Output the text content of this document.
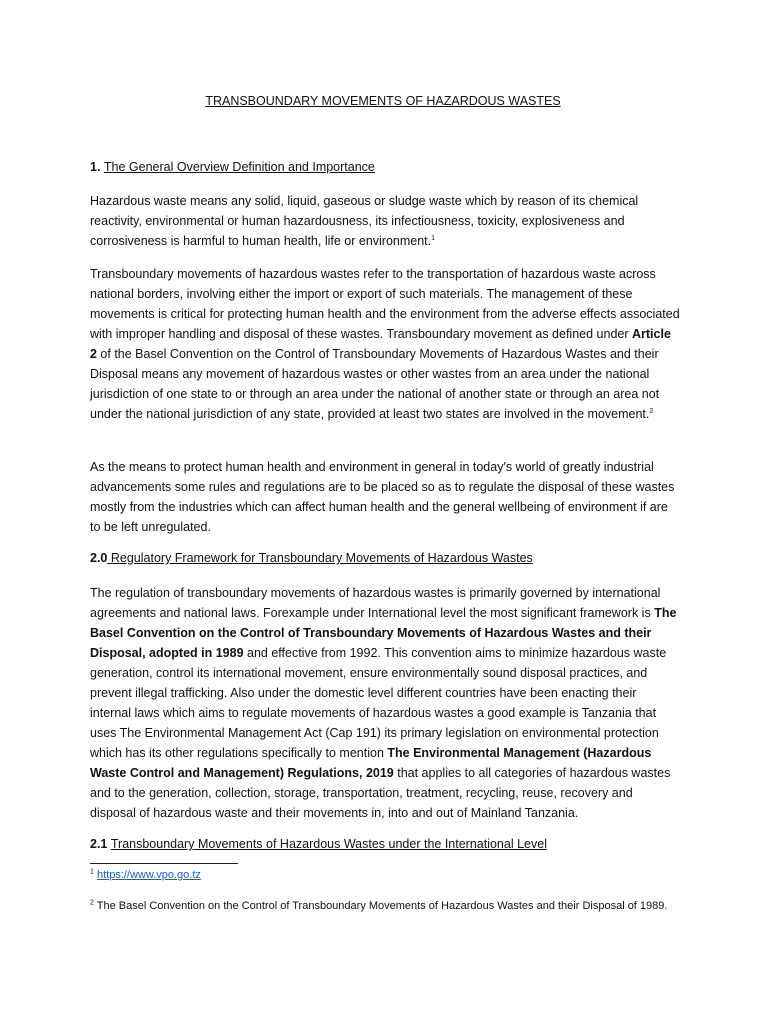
TRANSBOUNDARY MOVEMENTS OF HAZARDOUS WASTES
1. The General Overview Definition and Importance

Hazardous waste means any solid, liquid, gaseous or sludge waste which by reason of its chemical reactivity, environmental or human hazardousness, its infectiousness, toxicity, explosiveness and corrosiveness is harmful to human health, life or environment.$^1$

Transboundary movements of hazardous wastes refer to the transportation of hazardous waste across national borders, involving either the import or export of such materials. The management of these movements is critical for protecting human health and the environment from the adverse effects associated with improper handling and disposal of these wastes. Transboundary movement as defined under Article 2 of the Basel Convention on the Control of Transboundary Movements of Hazardous Wastes and their Disposal means any movement of hazardous wastes or other wastes from an area under the national jurisdiction of one state to or through an area under the national of another state or through an area not under the national jurisdiction of any state, provided at least two states are involved in the movement.$^2$

As the means to protect human health and environment in general in today's world of greatly industrial advancements some rules and regulations are to be placed so as to regulate the disposal of these wastes mostly from the industries which can affect human health and the general wellbeing of environment if are to be left unregulated.

2.0 Regulatory Framework for Transboundary Movements of Hazardous Wastes

The regulation of transboundary movements of hazardous wastes is primarily governed by international agreements and national laws. Forexample under International level the most significant framework is The Basel Convention on the Control of Transboundary Movements of Hazardous Wastes and their Disposal, adopted in 1989 and effective from 1992. This convention aims to minimize hazardous waste generation, control its international movement, ensure environmentally sound disposal practices, and prevent illegal trafficking. Also under the domestic level different countries have been enacting their internal laws which aims to regulate movements of hazardous wastes a good example is Tanzania that uses The Environmental Management Act (Cap 191) its primary legislation on environmental protection which has its other regulations specifically to mention The Environmental Management (Hazardous Waste Control and Management) Regulations, 2019 that applies to all categories of hazardous wastes and to the generation, collection, storage, transportation, treatment, recycling, reuse, recovery and disposal of hazardous waste and their movements in, into and out of Mainland Tanzania.

2.1 Transboundary Movements of Hazardous Wastes under the International Level
$^1$ https://www.vpo.go.tz
$^2$ The Basel Convention on the Control of Transboundary Movements of Hazardous Wastes and their Disposal of 1989.
